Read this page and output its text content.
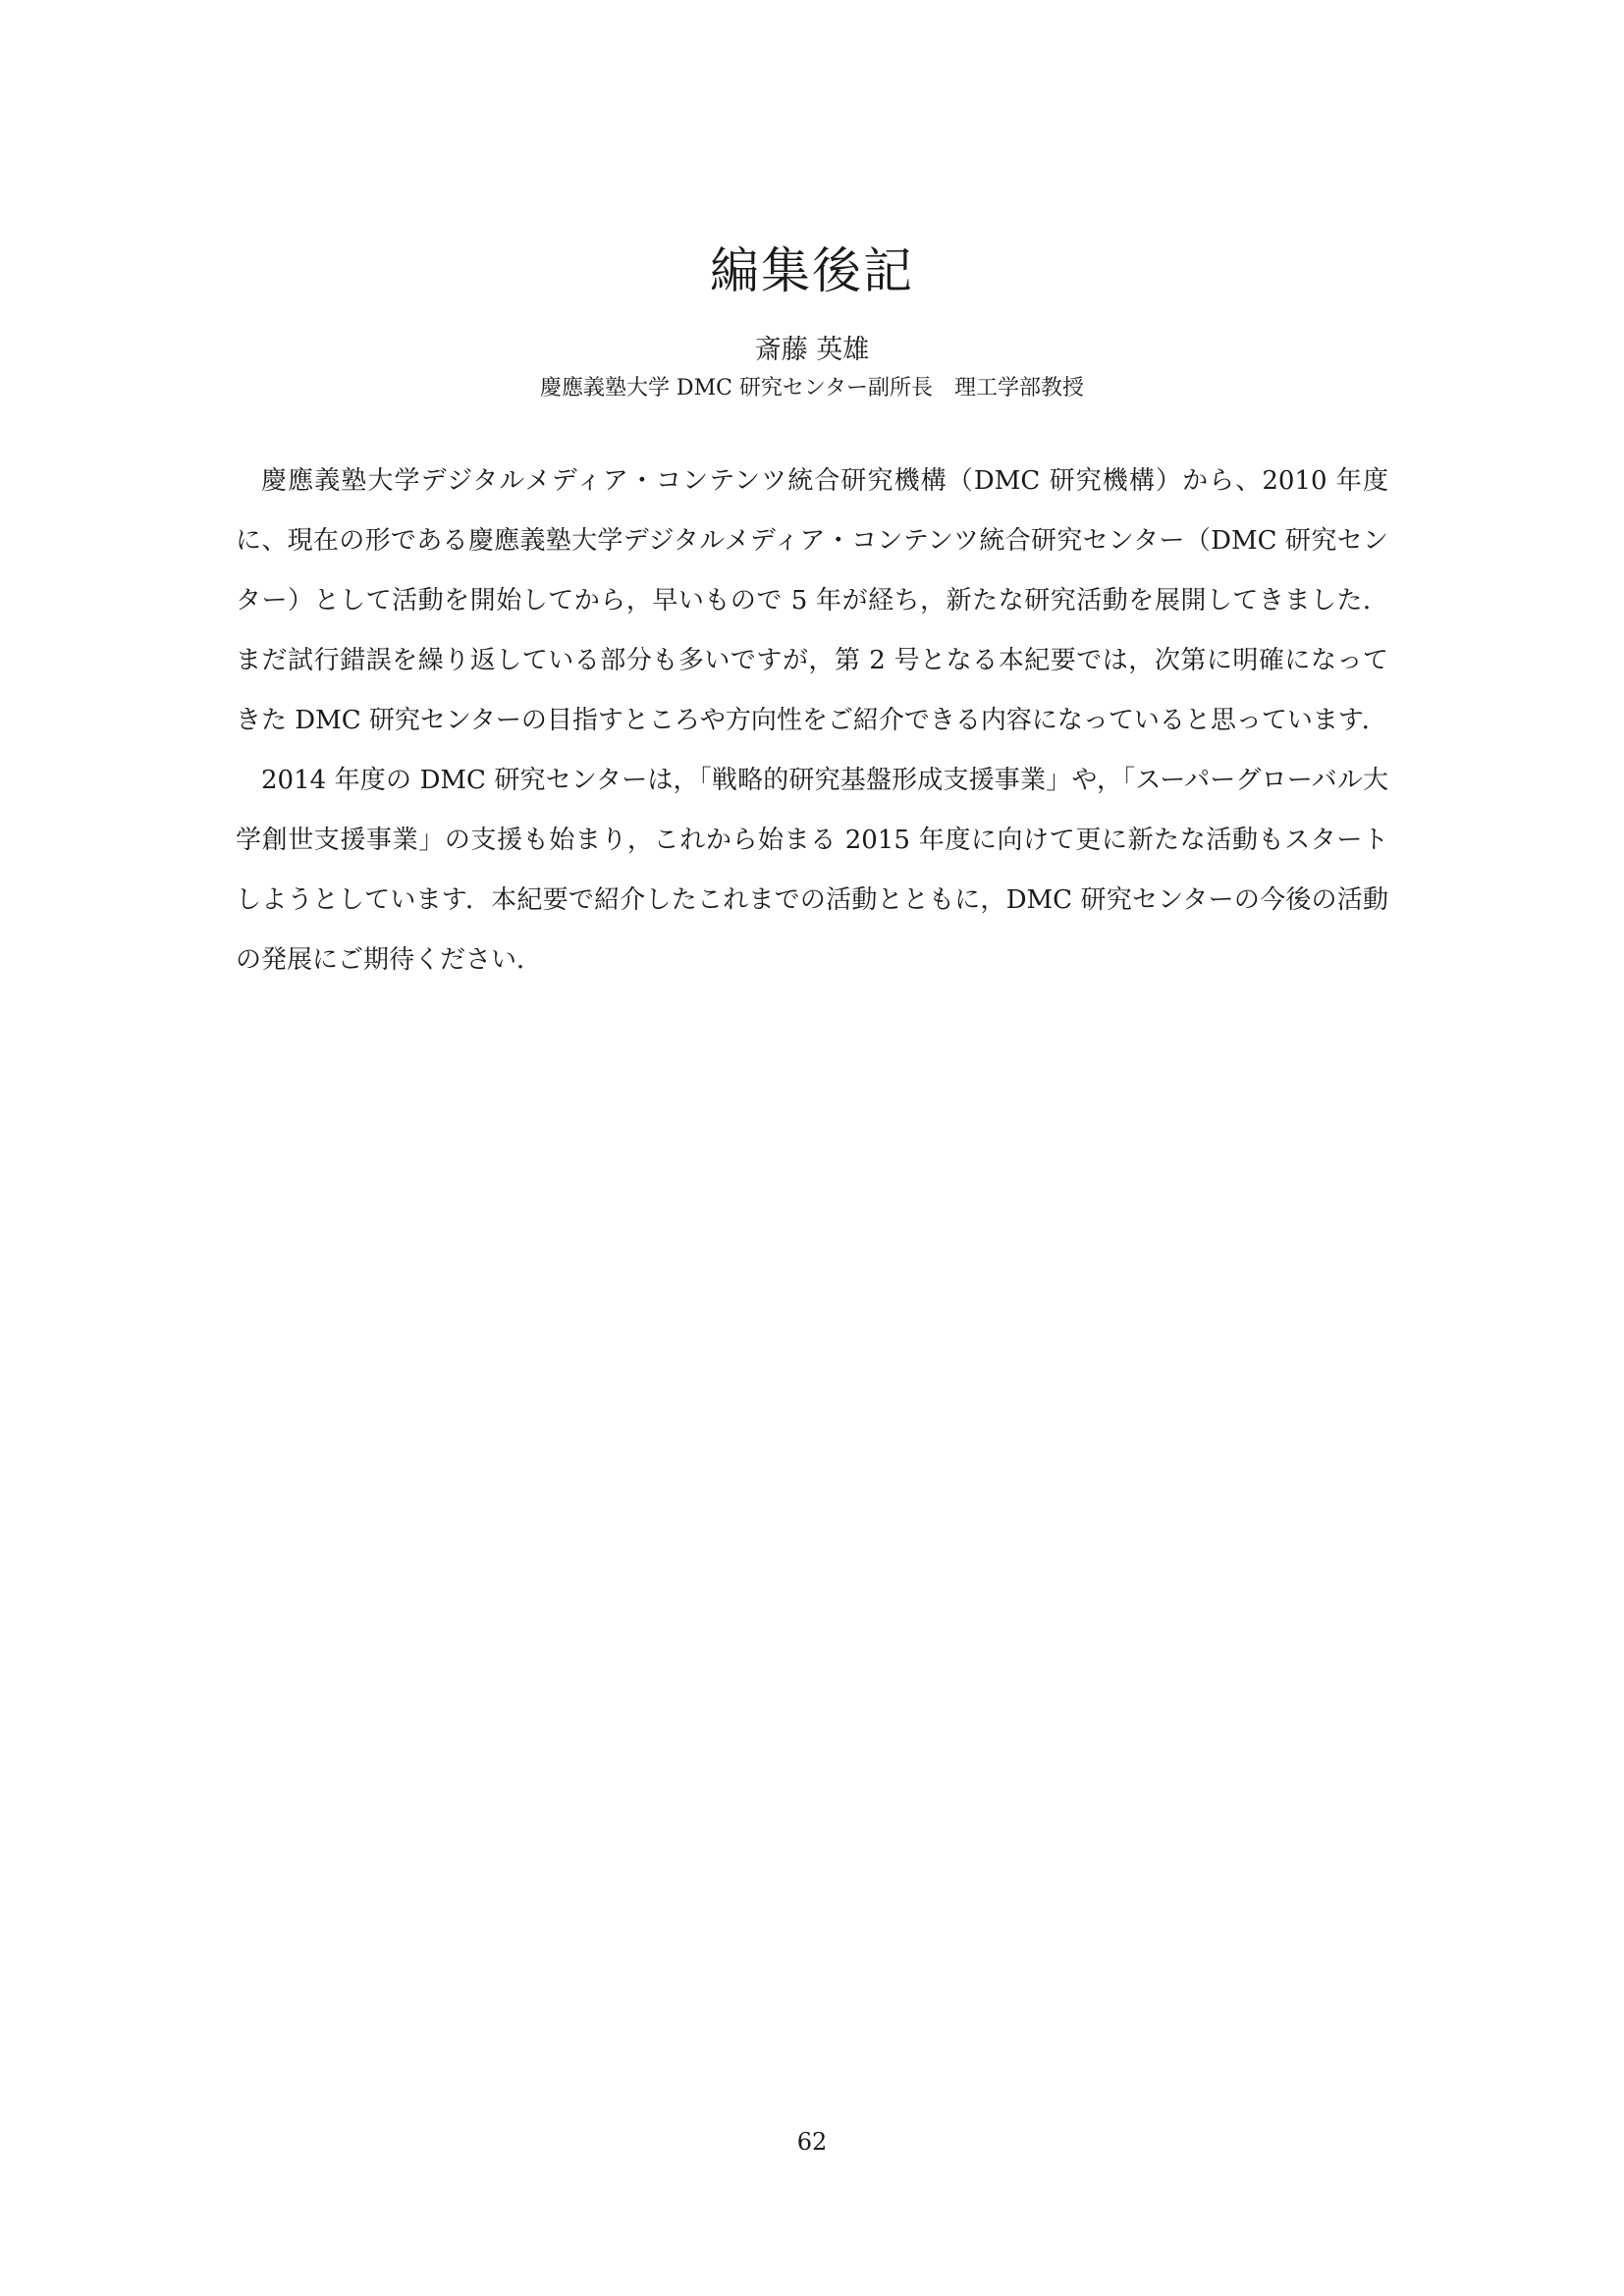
編集後記
斎藤 英雄
慶應義塾大学 DMC 研究センター副所長　理工学部教授

慶應義塾大学デジタルメディア・コンテンツ統合研究機構（DMC 研究機構）から、2010 年度に、現在の形である慶應義塾大学デジタルメディア・コンテンツ統合研究センター（DMC 研究センター）として活動を開始してから，早いもので 5 年が経ち，新たな研究活動を展開してきました．まだ試行錯誤を繰り返している部分も多いですが，第 2 号となる本紀要では，次第に明確になってきた DMC 研究センターの目指すところや方向性をご紹介できる内容になっていると思っています．

2014 年度の DMC 研究センターは，「戦略的研究基盤形成支援事業」や，「スーパーグローバル大学創世支援事業」の支援も始まり，これから始まる 2015 年度に向けて更に新たな活動もスタートしようとしています．本紀要で紹介したこれまでの活動とともに，DMC 研究センターの今後の活動の発展にご期待ください．

62
